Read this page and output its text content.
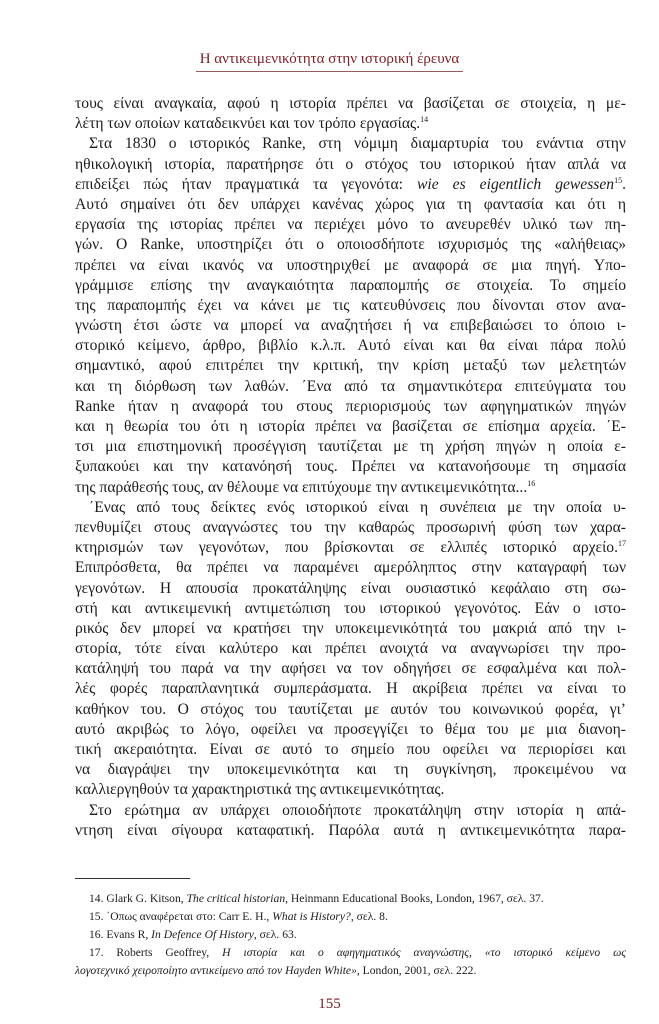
Η αντικειμενικότητα στην ιστορική έρευνα
τους είναι αναγκαία, αφού η ιστορία πρέπει να βασίζεται σε στοιχεία, η με-
λέτη των οποίων καταδεικνύει και τον τρόπο εργασίας.$^{14}$
Στα 1830 ο ιστορικός Ranke, στη νόμιμη διαμαρτυρία του ενάντια στην
ηθικολογική ιστορία, παρατήρησε ότι ο στόχος του ιστορικού ήταν απλά να
επιδείξει πώς ήταν πραγματικά τα γεγονότα: wie es eigentlich gewessen$^{15}$.
Αυτό σημαίνει ότι δεν υπάρχει κανένας χώρος για τη φαντασία και ότι η
εργασία της ιστορίας πρέπει να περιέχει μόνο το ανευρεθέν υλικό των πη-
γών. Ο Ranke, υποστηρίζει ότι ο οποιοσδήποτε ισχυρισμός της «αλήθειας»
πρέπει να είναι ικανός να υποστηριχθεί με αναφορά σε μια πηγή. Υπο-
γράμμισε επίσης την αναγκαιότητα παραπομπής σε στοιχεία. Το σημείο
της παραπομπής έχει να κάνει με τις κατευθύνσεις που δίνονται στον ανα-
γνώστη έτσι ώστε να μπορεί να αναζητήσει ή να επιβεβαιώσει το όποιο ι-
στορικό κείμενο, άρθρο, βιβλίο κ.λ.π. Αυτό είναι και θα είναι πάρα πολύ
σημαντικό, αφού επιτρέπει την κριτική, την κρίση μεταξύ των μελετητών
και τη διόρθωση των λαθών. ΄Ενα από τα σημαντικότερα επιτεύγματα του
Ranke ήταν η αναφορά του στους περιορισμούς των αφηγηματικών πηγών
και η θεωρία του ότι η ιστορία πρέπει να βασίζεται σε επίσημα αρχεία. ΄Ε-
τσι μια επιστημονική προσέγγιση ταυτίζεται με τη χρήση πηγών η οποία ε-
ξυπακούει και την κατανόησή τους. Πρέπει να κατανοήσουμε τη σημασία
της παράθεσής τους, αν θέλουμε να επιτύχουμε την αντικειμενικότητα...$^{16}$
΄Ενας από τους δείκτες ενός ιστορικού είναι η συνέπεια με την οποία υ-
πενθυμίζει στους αναγνώστες του την καθαρώς προσωρινή φύση των χαρα-
κτηρισμών των γεγονότων, που βρίσκονται σε ελλιπές ιστορικό αρχείο.$^{17}$
Επιπρόσθετα, θα πρέπει να παραμένει αμερόληπτος στην καταγραφή των
γεγονότων. Η απουσία προκατάληψης είναι ουσιαστικό κεφάλαιο στη σω-
στή και αντικειμενική αντιμετώπιση του ιστορικού γεγονότος. Εάν ο ιστο-
ρικός δεν μπορεί να κρατήσει την υποκειμενικότητά του μακριά από την ι-
στορία, τότε είναι καλύτερο και πρέπει ανοιχτά να αναγνωρίσει την προ-
κατάληψή του παρά να την αφήσει να τον οδηγήσει σε εσφαλμένα και πολ-
λές φορές παραπλανητικά συμπεράσματα. Η ακρίβεια πρέπει να είναι το
καθήκον του. Ο στόχος του ταυτίζεται με αυτόν του κοινωνικού φορέα, γι’
αυτό ακριβώς το λόγο, οφείλει να προσεγγίζει το θέμα του με μια διανοη-
τική ακεραιότητα. Είναι σε αυτό το σημείο που οφείλει να περιορίσει και
να διαγράψει την υποκειμενικότητα και τη συγκίνηση, προκειμένου να
καλλιεργηθούν τα χαρακτηριστικά της αντικειμενικότητας.
Στο ερώτημα αν υπάρχει οποιοδήποτε προκατάληψη στην ιστορία η απά-
ντηση είναι σίγουρα καταφατική. Παρόλα αυτά η αντικειμενικότητα παρα-
14. Glark G. Kitson, The critical historian, Heinmann Educational Books, London, 1967, σελ. 37.
15. ΄Οπως αναφέρεται στο: Carr E. H., What is History?, σελ. 8.
16. Evans R, In Defence Of History, σελ. 63.
17. Roberts Geoffrey, Η ιστορία και ο αφηγηματικός αναγνώστης, «το ιστορικό κείμενο ως
λογοτεχνικό χειροποίητο αντικείμενο από τον Hayden White», London, 2001, σελ. 222.
155
